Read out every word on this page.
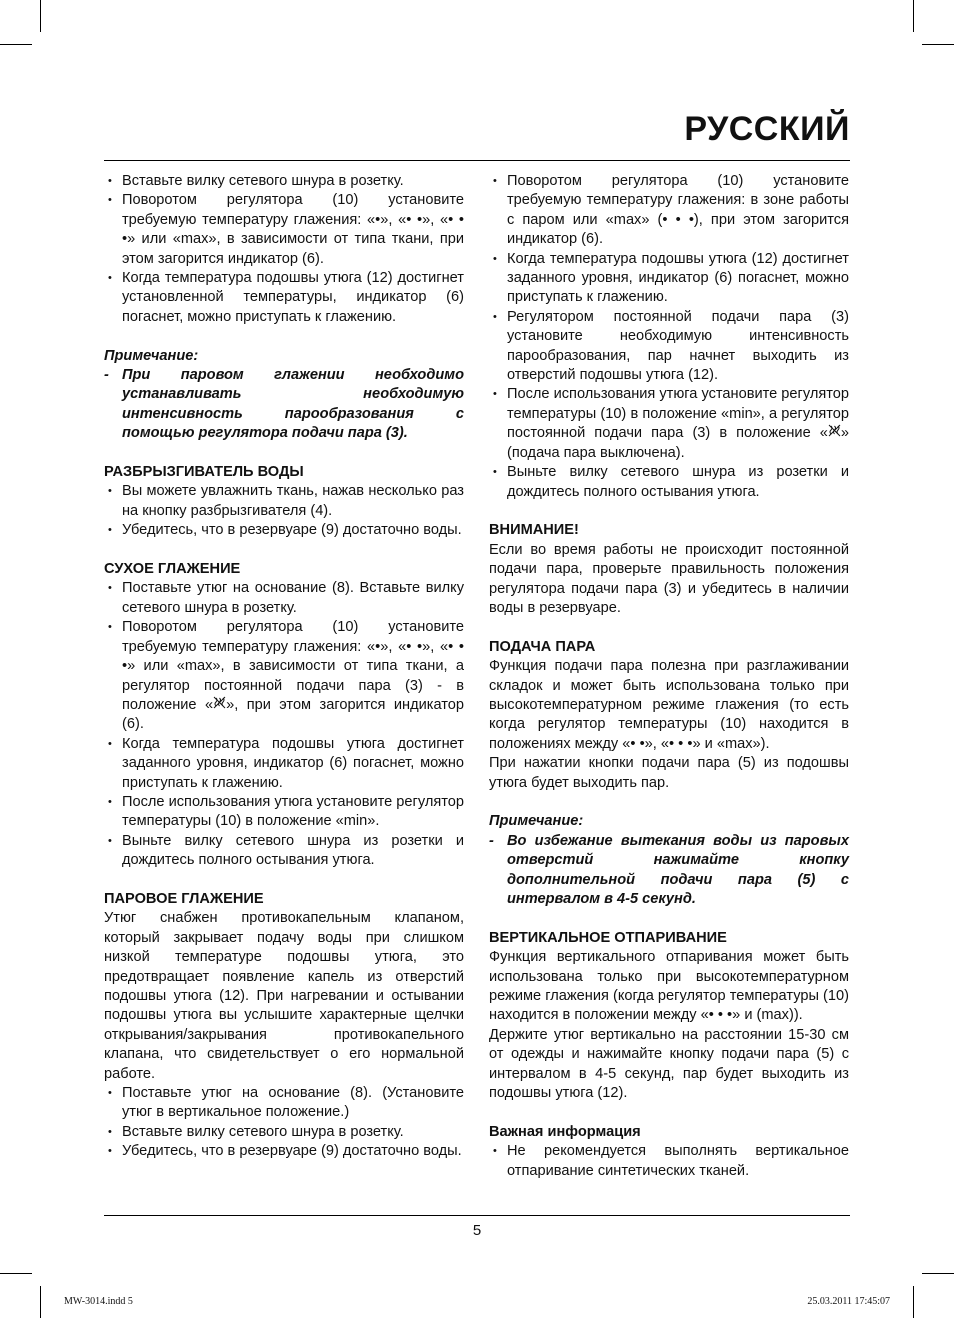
РУССКИЙ
• Вставьте вилку сетевого шнура в розетку.
• Поворотом регулятора (10) установите требуемую температуру глажения: «•», «• •», «• • •» или «max», в зависимости от типа ткани, при этом загорится индикатор (6).
• Когда температура подошвы утюга (12) достигнет установленной температуры, индикатор (6) погаснет, можно приступать к глажению.

Примечание:

- При паровом глажении необходимо устанавливать необходимую интенсивность парообразования с помощью регулятора подачи пара (3).
РАЗБРЫЗГИВАТЕЛЬ ВОДЫ
• Вы можете увлажнить ткань, нажав несколько раз на кнопку разбрызгивателя (4).
• Убедитесь, что в резервуаре (9) достаточно воды.
СУХОЕ ГЛАЖЕНИЕ
• Поставьте утюг на основание (8). Вставьте вилку сетевого шнура в розетку.
• Поворотом регулятора (10) установите требуемую температуру глажения: «•», «• •», «• • •» или «max», в зависимости от типа ткани, а регулятор постоянной подачи пара (3) - в положение « », при этом загорится индикатор (6).
• Когда температура подошвы утюга достигнет заданного уровня, индикатор (6) погаснет, можно приступать к глажению.
• После использования утюга установите регулятор температуры (10) в положение «min».
• Выньте вилку сетевого шнура из розетки и дождитесь полного остывания утюга.
ПАРОВОЕ ГЛАЖЕНИЕ

Утюг снабжен противокапельным клапаном, который закрывает подачу воды при слишком низкой температуре подошвы утюга, это предотвращает появление капель из отверстий подошвы утюга (12). При нагревании и остывании подошвы утюга вы услышите характерные щелчки открывания/закрывания противокапельного клапана, что свидетельствует о его нормальной работе.

• Поставьте утюг на основание (8). (Установите утюг в вертикальное положение.)
• Вставьте вилку сетевого шнура в розетку.
• Убедитесь, что в резервуаре (9) достаточно воды.
• Поворотом регулятора (10) установите требуемую температуру глажения: в зоне работы с паром или «max» (• • •), при этом загорится индикатор (6).
• Когда температура подошвы утюга (12) достигнет заданного уровня, индикатор (6) погаснет, можно приступать к глажению.
• Регулятором постоянной подачи пара (3) установите необходимую интенсивность парообразования, пар начнет выходить из отверстий подошвы утюга (12).
• После использования утюга установите регулятор температуры (10) в положение «min», а регулятор постоянной подачи пара (3) в положение « » (подача пара выключена).
• Выньте вилку сетевого шнура из розетки и дождитесь полного остывания утюга.
ВНИМАНИЕ!

Если во время работы не происходит постоянной подачи пара, проверьте правильность положения регулятора подачи пара (3) и убедитесь в наличии воды в резервуаре.

ПОДАЧА ПАРА

Функция подачи пара полезна при разглаживании складок и может быть использована только при высокотемпературном режиме глажения (то есть когда регулятор температуры (10) находится в положениях между «• •», «• • •» и «max»).

При нажатии кнопки подачи пара (5) из подошвы утюга будет выходить пар.

Примечание:

- Во избежание вытекания воды из паровых отверстий нажимайте кнопку дополнительной подачи пара (5) с интервалом в 4-5 секунд.
ВЕРТИКАЛЬНОЕ ОТПАРИВАНИЕ

Функция вертикального отпаривания может быть использована только при высокотемпературном режиме глажения (когда регулятор температуры (10) находится в положении между «• • •» и (max)).

Держите утюг вертикально на расстоянии 15-30 см от одежды и нажимайте кнопку подачи пара (5) с интервалом в 4-5 секунд, пар будет выходить из подошвы утюга (12).

Важная информация
• Не рекомендуется выполнять вертикальное отпаривание синтетических тканей.
5
MW-3014.indd 5	25.03.2011 17:45:07
